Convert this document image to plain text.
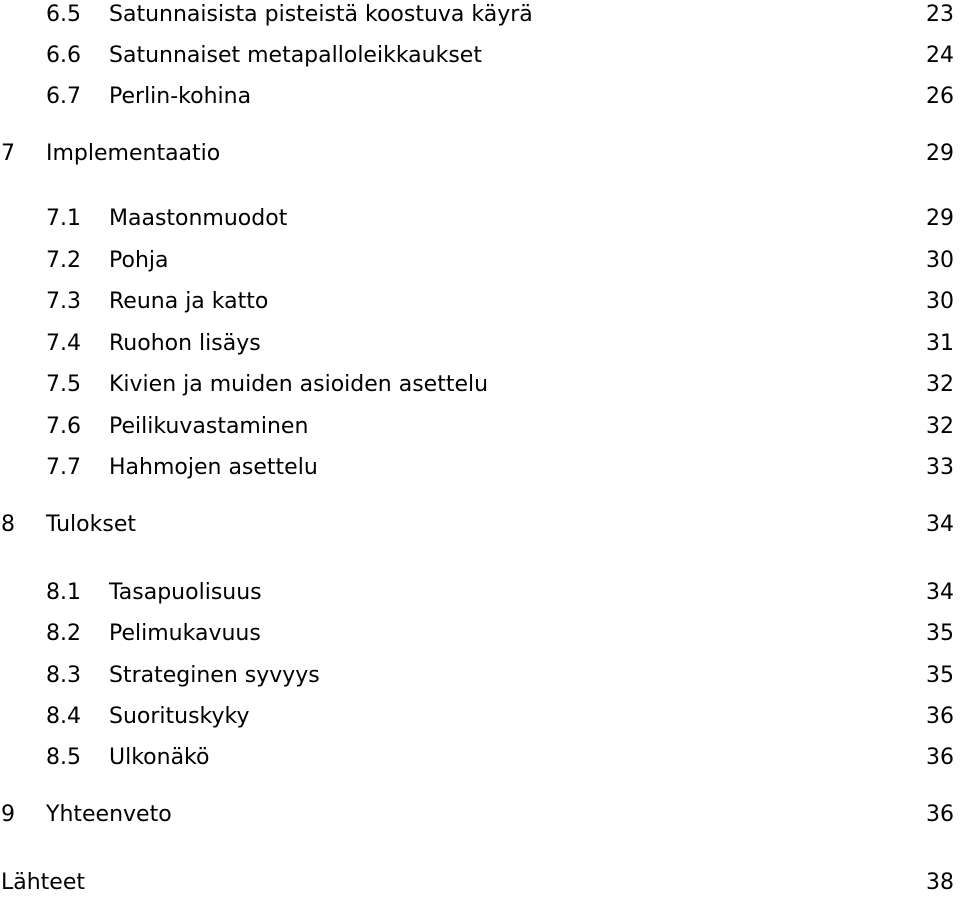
6.5 Satunnaisista pisteistä koostuva käyrä	23
6.6 Satunnaiset metapalloleikkaukset	24
6.7 Perlin-kohina	26
7 Implementaatio	29
7.1 Maastonmuodot	29
7.2 Pohja	30
7.3 Reuna ja katto	30
7.4 Ruohon lisäys	31
7.5 Kivien ja muiden asioiden asettelu	32
7.6 Peilikuvastaminen	32
7.7 Hahmojen asettelu	33
8 Tulokset	34
8.1 Tasapuolisuus	34
8.2 Pelimukavuus	35
8.3 Strateginen syvyys	35
8.4 Suorituskyky	36
8.5 Ulkonäkö	36
9 Yhteenveto	36
Lähteet	38
